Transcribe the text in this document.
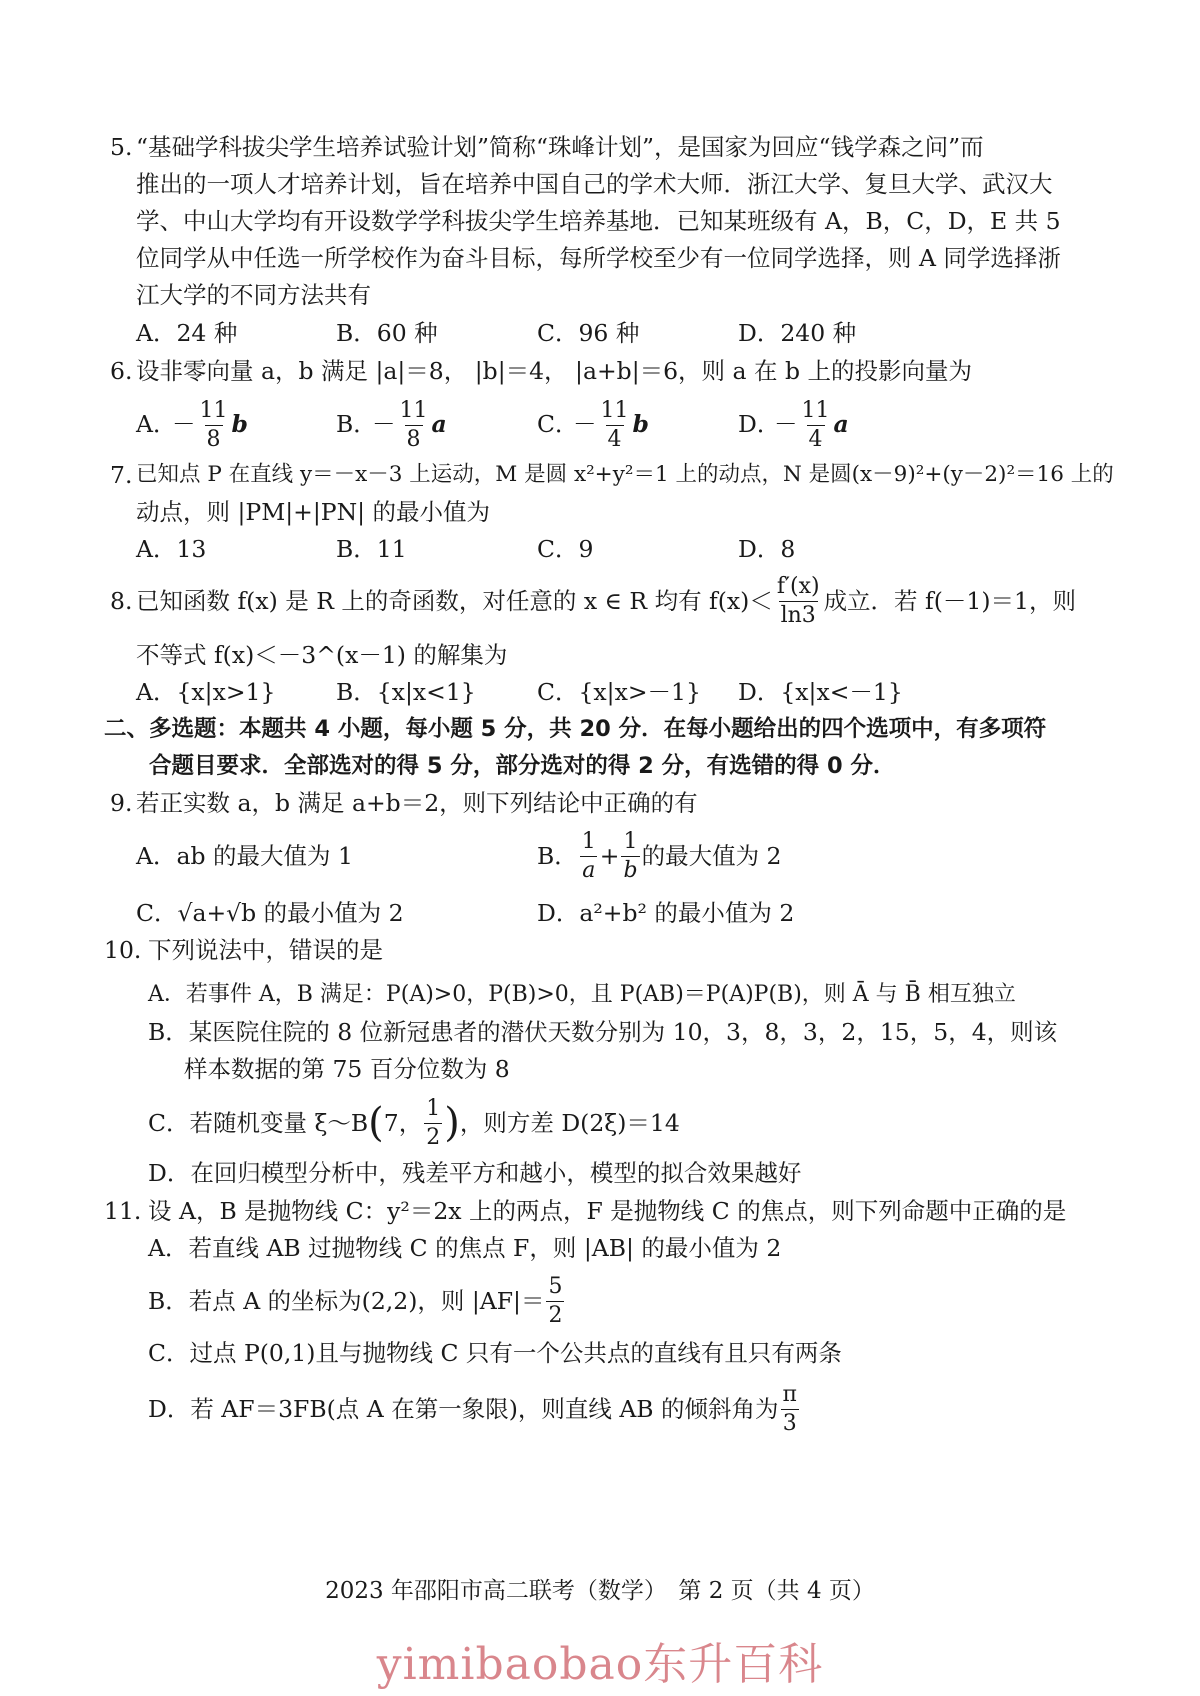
5. “基础学科拔尖学生培养试验计划”简称“珠峰计划”，是国家为回应“钱学森之问”而
推出的一项人才培养计划，旨在培养中国自己的学术大师．浙江大学、复旦大学、武汉大
学、中山大学均有开设数学学科拔尖学生培养基地．已知某班级有 A，B，C，D，E 共 5
位同学从中任选一所学校作为奋斗目标，每所学校至少有一位同学选择，则 A 同学选择浙
江大学的不同方法共有
A．24 种	B．60 种	C．96 种	D．240 种
6. 设非零向量 a，b 满足 |a|＝8， |b|＝4， |a+b|＝6，则 a 在 b 上的投影向量为
A．－ $\frac{11}{8}$ b	B．－ $\frac{11}{8}$ a	C．－ $\frac{11}{4}$ b	D．－ $\frac{11}{4}$ a
7. 已知点 P 在直线 y＝－x－3 上运动，M 是圆 x²+y²＝1 上的动点，N 是圆(x－9)²+(y－2)²＝16 上的
动点，则 |PM|+|PN| 的最小值为
A．13	B．11	C．9	D．8
8. 已知函数 f(x) 是 R 上的奇函数，对任意的 x ∈ R 均有 $f(x)< \frac{f'(x)}{\ln 3}$ 成立．若 f(－1)＝1，则
不等式 f(x)＜－3^(x－1) 的解集为
A．{x|x>1}	B．{x|x<1}	C．{x|x>－1} D．{x|x<－1}
二、多选题：本题共 4 小题，每小题 5 分，共 20 分．在每小题给出的四个选项中，有多项符
合题目要求．全部选对的得 5 分，部分选对的得 2 分，有选错的得 0 分．
9. 若正实数 a，b 满足 a+b＝2，则下列结论中正确的有
A．ab 的最大值为 1	B． $\frac{1}{a} + \frac{1}{b}$ 的最大值为 2
C．√a+√b 的最小值为 2	D．a²+b² 的最小值为 2
10. 下列说法中，错误的是
A．若事件 A，B 满足：P(A)>0，P(B)>0，且 P(AB)＝P(A)P(B)，则 Ā 与 B̄ 相互独立
B．某医院住院的 8 位新冠患者的潜伏天数分别为 10，3，8，3，2，15，5，4，则该
样本数据的第 75 百分位数为 8
C．若随机变量 ξ～B ( 7， $\frac{1}{2}$ ) ，则方差 D(2ξ)＝14
D．在回归模型分析中，残差平方和越小，模型的拟合效果越好
11. 设 A，B 是抛物线 C：y²＝2x 上的两点，F 是抛物线 C 的焦点，则下列命题中正确的是
A．若直线 AB 过抛物线 C 的焦点 F，则 |AB| 的最小值为 2
B．若点 A 的坐标为(2,2)，则 $|AF|= \frac{5}{2}$
C．过点 P(0,1)且与抛物线 C 只有一个公共点的直线有且只有两条
D．若 AF＝3FB(点 A 在第一象限)，则直线 AB 的倾斜角为 $\frac{\pi}{3}$
2023 年邵阳市高二联考（数学）　第 2 页（共 4 页）
yimibaobao东升百科
